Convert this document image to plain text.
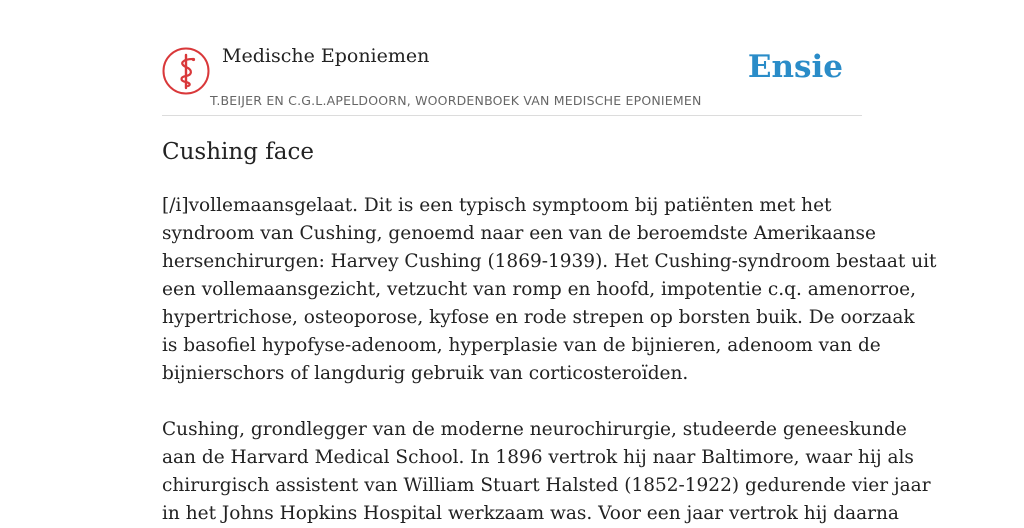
Medische Eponiemen
T.BEIJER EN C.G.L.APELDOORN, WOORDENBOEK VAN MEDISCHE EPONIEMEN
Ensie
Cushing face
[/i]vollemaansgelaat. Dit is een typisch symptoom bij patiënten met het
syndroom van Cushing, genoemd naar een van de beroemdste Amerikaanse
hersenchirurgen: Harvey Cushing (1869-1939). Het Cushing-syndroom bestaat uit
een vollemaansgezicht, vetzucht van romp en hoofd, impotentie c.q. amenorroe,
hypertrichose, osteoporose, kyfose en rode strepen op borsten buik. De oorzaak
is basofiel hypofyse-adenoom, hyperplasie van de bijnieren, adenoom van de
bijnierschors of langdurig gebruik van corticosteroïden.
Cushing, grondlegger van de moderne neurochirurgie, studeerde geneeskunde
aan de Harvard Medical School. In 1896 vertrok hij naar Baltimore, waar hij als
chirurgisch assistent van William Stuart Halsted (1852-1922) gedurende vier jaar
in het Johns Hopkins Hospital werkzaam was. Voor een jaar vertrok hij daarna
